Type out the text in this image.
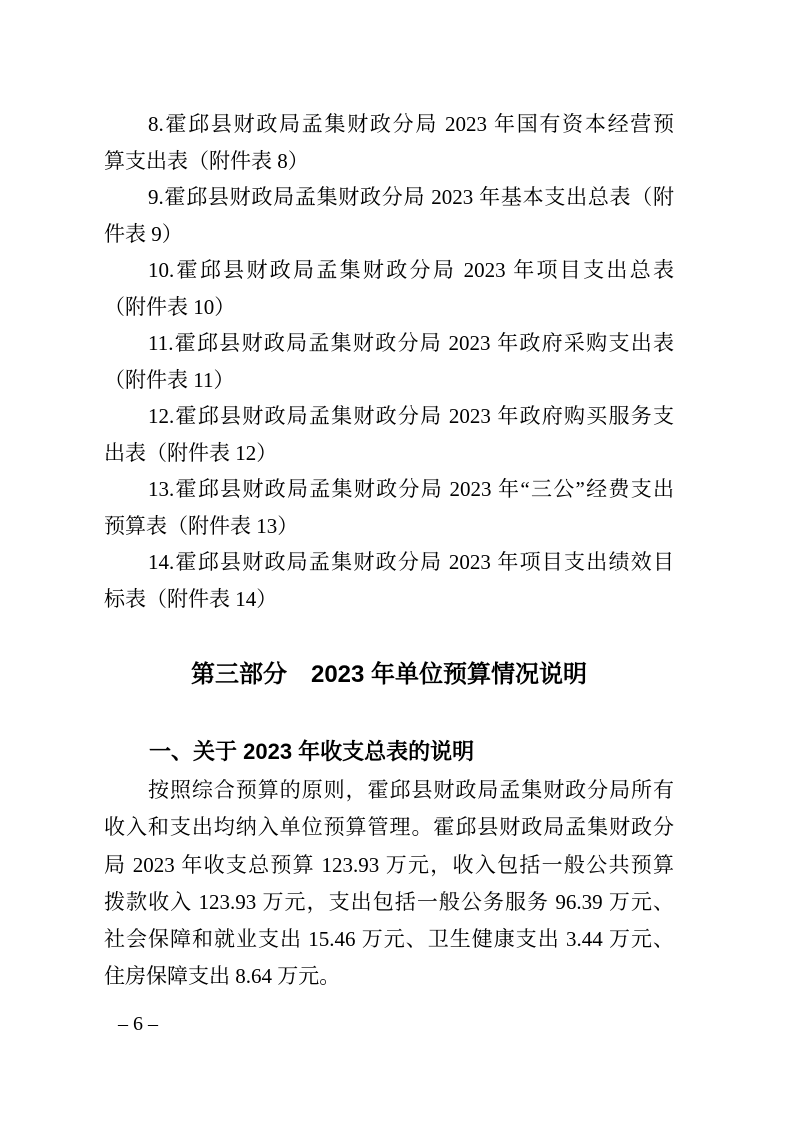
8.霍邱县财政局孟集财政分局 2023 年国有资本经营预
算支出表（附件表 8）
9.霍邱县财政局孟集财政分局 2023 年基本支出总表（附
件表 9）
10.霍邱县财政局孟集财政分局 2023 年项目支出总表
（附件表 10）
11.霍邱县财政局孟集财政分局 2023 年政府采购支出表
（附件表 11）
12.霍邱县财政局孟集财政分局 2023 年政府购买服务支
出表（附件表 12）
13.霍邱县财政局孟集财政分局 2023 年“三公”经费支出
预算表（附件表 13）
14.霍邱县财政局孟集财政分局 2023 年项目支出绩效目
标表（附件表 14）
第三部分　2023 年单位预算情况说明
一、关于 2023 年收支总表的说明
按照综合预算的原则，霍邱县财政局孟集财政分局所有
收入和支出均纳入单位预算管理。霍邱县财政局孟集财政分
局 2023 年收支总预算 123.93 万元，收入包括一般公共预算
拨款收入 123.93 万元，支出包括一般公务服务 96.39 万元、
社会保障和就业支出 15.46 万元、卫生健康支出 3.44 万元、
住房保障支出 8.64 万元。
– 6 –
